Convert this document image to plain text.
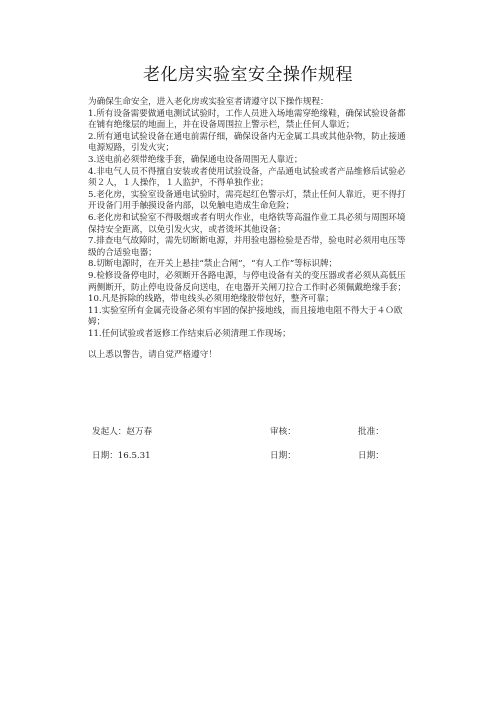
老化房实验室安全操作规程

为确保生命安全，进入老化房或实验室者请遵守以下操作规程：

1.所有设备需要做通电测试试验时，工作人员进入场地需穿绝缘鞋，确保试验设备都在铺有绝缘层的地面上，并在设备周围拉上警示栏，禁止任何人靠近；

2.所有通电试验设备在通电前需仔细，确保设备内无金属工具或其他杂物，防止接通电源短路，引发火灾；

3.送电前必须带绝缘手套，确保通电设备周围无人靠近；

4.非电气人员不得擅自安装或者使用试验设备，产品通电试验或者产品维修后试验必须２人，１人操作，１人监护，不得单独作业；

5.老化房，实验室设备通电试验时，需亮起红色警示灯，禁止任何人靠近，更不得打开设备门用手触摸设备内部，以免触电造成生命危险；

6.老化房和试验室不得吸烟或者有明火作业，电烙铁等高温作业工具必须与周围环境保持安全距离，以免引发火灾，或者烫坏其他设备；

7.排查电气故障时，需先切断断电源，并用验电器检验是否带，验电时必须用电压等级的合适验电器；

8.切断电源时，在开关上悬挂“禁止合闸”，“有人工作”等标识牌；

9.检修设备停电时，必须断开各路电源，与停电设备有关的变压器或者必须从高低压两侧断开，防止停电设备反向送电，在电器开关闸刀拉合工作时必须佩戴绝缘手套；

10.凡是拆除的线路，带电线头必须用绝缘胶带包好，整齐可靠；

11.实验室所有金属壳设备必须有牢固的保护接地线，而且接地电阻不得大于４Ｏ欧姆；

11.任何试验或者返修工作结束后必须清理工作现场；

以上悉以警告，请自觉严格遵守！

发起人：赵万春	审核：	批准：
日期：16.5.31	日期：	日期：
